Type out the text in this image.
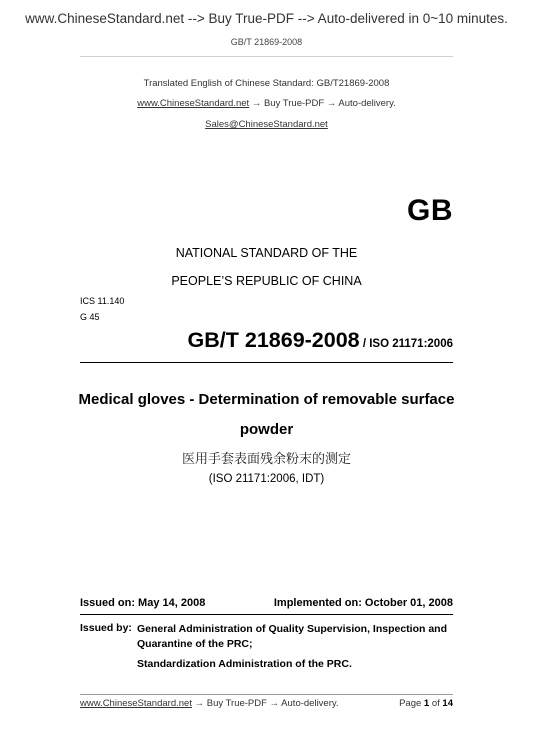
www.ChineseStandard.net --> Buy True-PDF --> Auto-delivered in 0~10 minutes.
GB/T 21869-2008
Translated English of Chinese Standard: GB/T21869-2008
www.ChineseStandard.net → Buy True-PDF → Auto-delivery.
Sales@ChineseStandard.net
GB
NATIONAL STANDARD OF THE
PEOPLE’S REPUBLIC OF CHINA
ICS 11.140
G 45
GB/T 21869-2008 / ISO 21171:2006
Medical gloves - Determination of removable surface
powder
医用手套表面残余粉末的测定
(ISO 21171:2006, IDT)
Issued on: May 14, 2008	Implemented on: October 01, 2008
Issued by: General Administration of Quality Supervision, Inspection and Quarantine of the PRC;
Standardization Administration of the PRC.
www.ChineseStandard.net → Buy True-PDF → Auto-delivery.	Page 1 of 14
